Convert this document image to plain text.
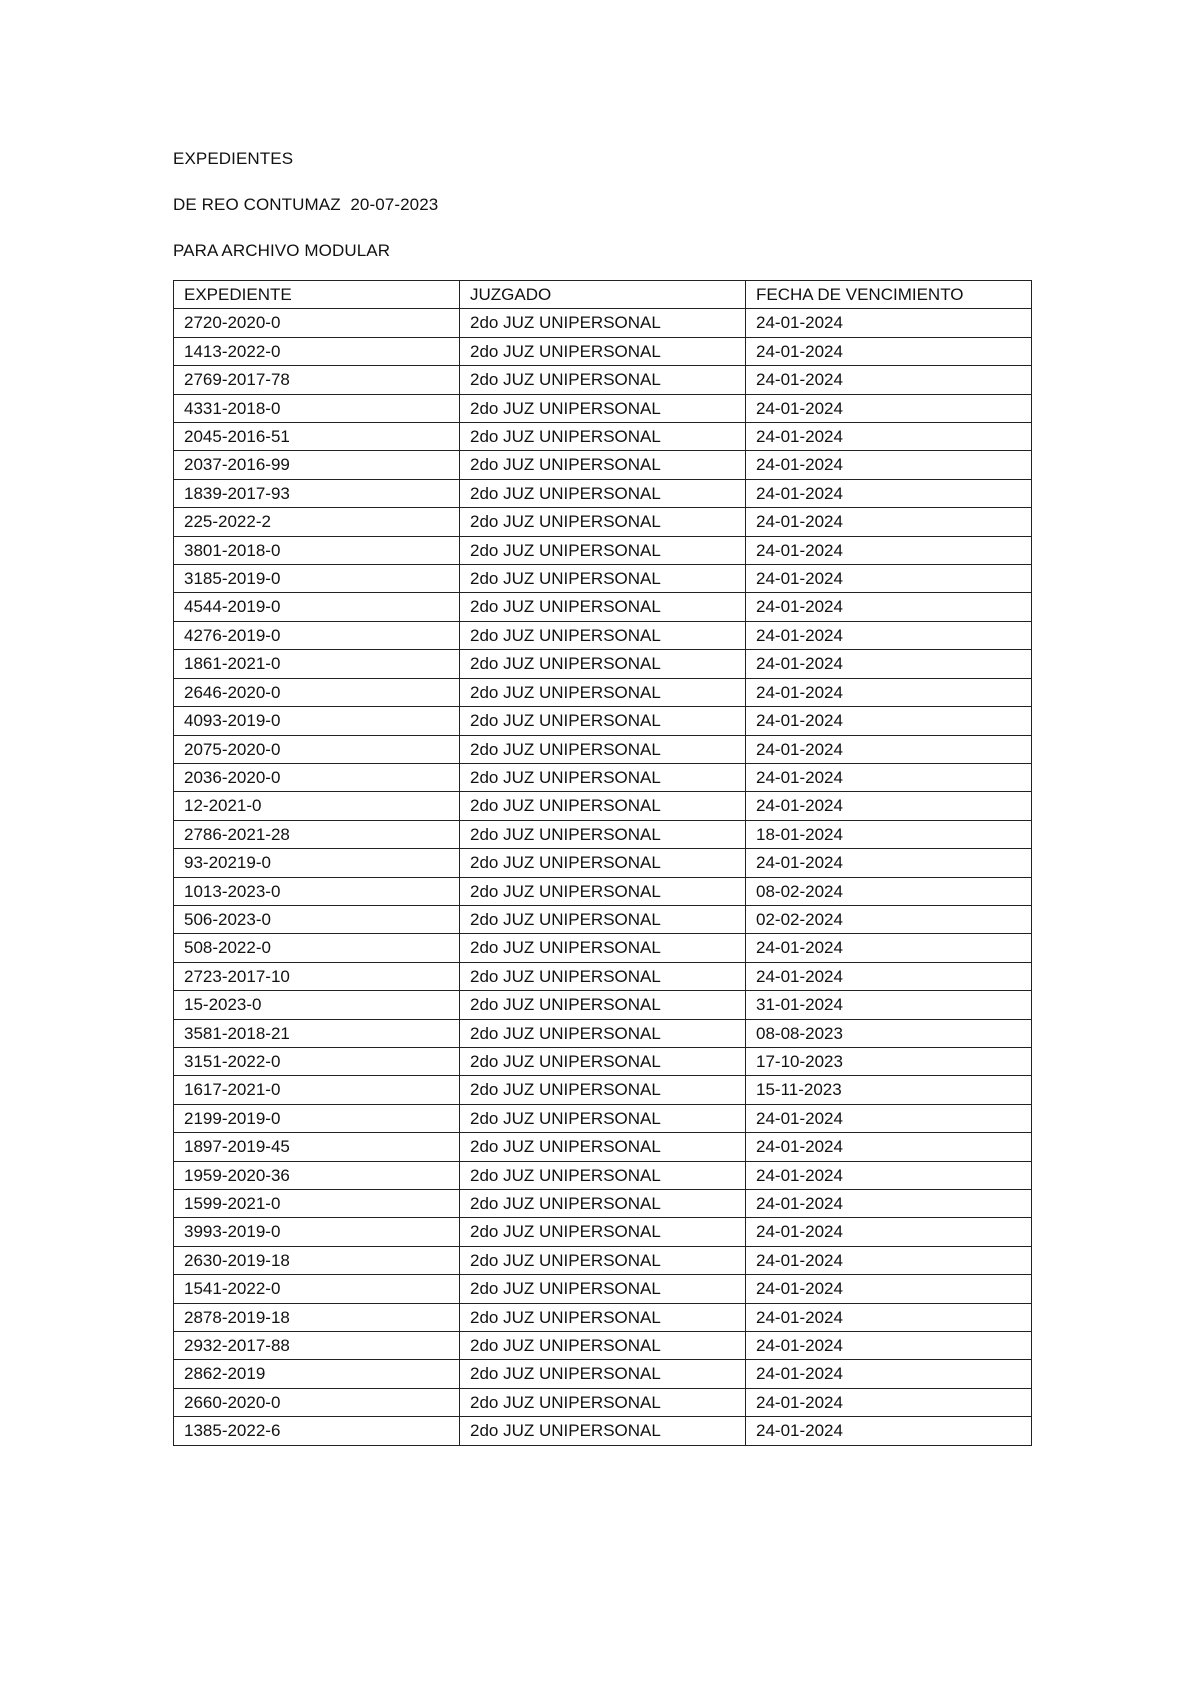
EXPEDIENTES
DE REO CONTUMAZ  20-07-2023
PARA ARCHIVO MODULAR
EXPEDIENTE	JUZGADO	FECHA DE VENCIMIENTO
2720-2020-0	2do JUZ UNIPERSONAL	24-01-2024
1413-2022-0	2do JUZ UNIPERSONAL	24-01-2024
2769-2017-78	2do JUZ UNIPERSONAL	24-01-2024
4331-2018-0	2do JUZ UNIPERSONAL	24-01-2024
2045-2016-51	2do JUZ UNIPERSONAL	24-01-2024
2037-2016-99	2do JUZ UNIPERSONAL	24-01-2024
1839-2017-93	2do JUZ UNIPERSONAL	24-01-2024
225-2022-2	2do JUZ UNIPERSONAL	24-01-2024
3801-2018-0	2do JUZ UNIPERSONAL	24-01-2024
3185-2019-0	2do JUZ UNIPERSONAL	24-01-2024
4544-2019-0	2do JUZ UNIPERSONAL	24-01-2024
4276-2019-0	2do JUZ UNIPERSONAL	24-01-2024
1861-2021-0	2do JUZ UNIPERSONAL	24-01-2024
2646-2020-0	2do JUZ UNIPERSONAL	24-01-2024
4093-2019-0	2do JUZ UNIPERSONAL	24-01-2024
2075-2020-0	2do JUZ UNIPERSONAL	24-01-2024
2036-2020-0	2do JUZ UNIPERSONAL	24-01-2024
12-2021-0	2do JUZ UNIPERSONAL	24-01-2024
2786-2021-28	2do JUZ UNIPERSONAL	18-01-2024
93-20219-0	2do JUZ UNIPERSONAL	24-01-2024
1013-2023-0	2do JUZ UNIPERSONAL	08-02-2024
506-2023-0	2do JUZ UNIPERSONAL	02-02-2024
508-2022-0	2do JUZ UNIPERSONAL	24-01-2024
2723-2017-10	2do JUZ UNIPERSONAL	24-01-2024
15-2023-0	2do JUZ UNIPERSONAL	31-01-2024
3581-2018-21	2do JUZ UNIPERSONAL	08-08-2023
3151-2022-0	2do JUZ UNIPERSONAL	17-10-2023
1617-2021-0	2do JUZ UNIPERSONAL	15-11-2023
2199-2019-0	2do JUZ UNIPERSONAL	24-01-2024
1897-2019-45	2do JUZ UNIPERSONAL	24-01-2024
1959-2020-36	2do JUZ UNIPERSONAL	24-01-2024
1599-2021-0	2do JUZ UNIPERSONAL	24-01-2024
3993-2019-0	2do JUZ UNIPERSONAL	24-01-2024
2630-2019-18	2do JUZ UNIPERSONAL	24-01-2024
1541-2022-0	2do JUZ UNIPERSONAL	24-01-2024
2878-2019-18	2do JUZ UNIPERSONAL	24-01-2024
2932-2017-88	2do JUZ UNIPERSONAL	24-01-2024
2862-2019	2do JUZ UNIPERSONAL	24-01-2024
2660-2020-0	2do JUZ UNIPERSONAL	24-01-2024
1385-2022-6	2do JUZ UNIPERSONAL	24-01-2024
